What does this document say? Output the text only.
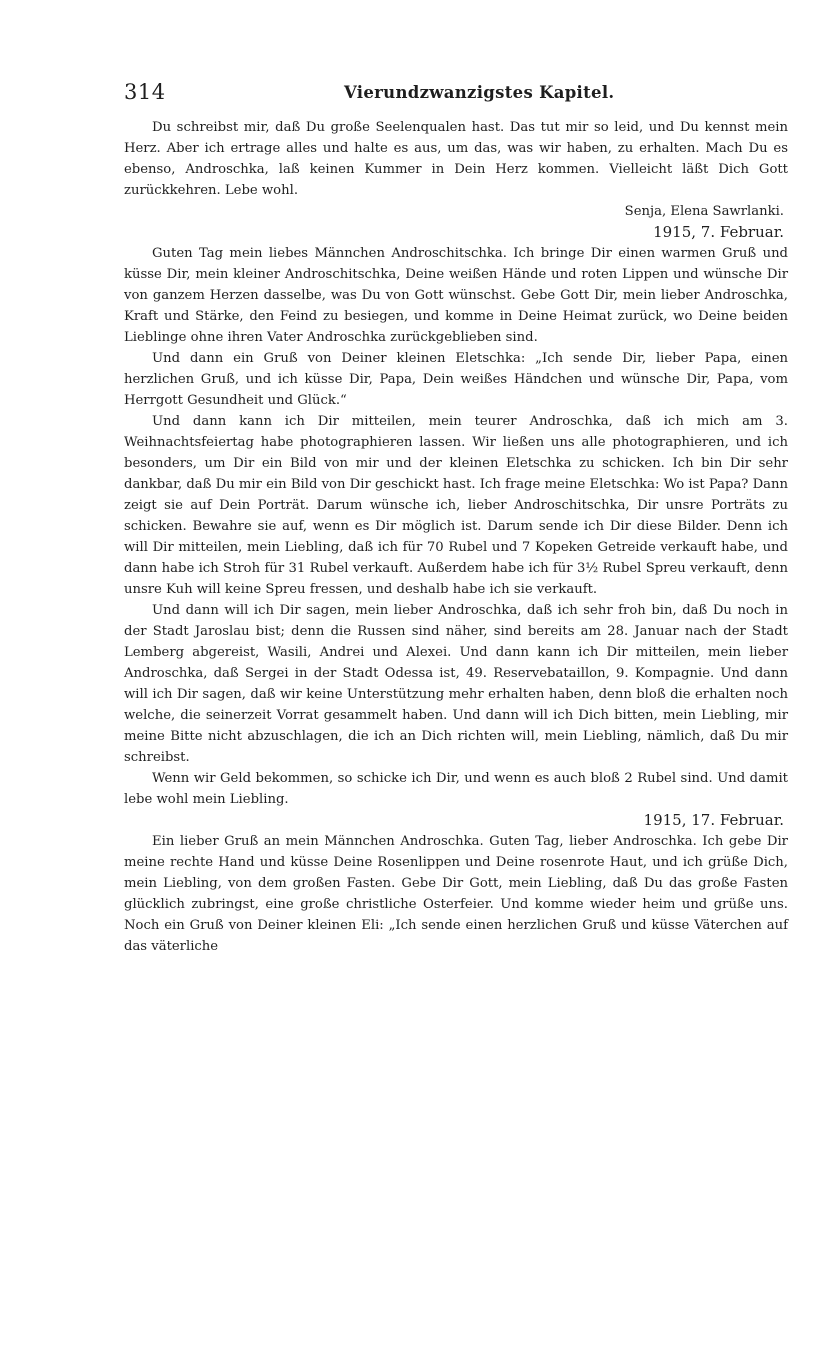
314	Vierundzwanzigstes Kapitel.

Du schreibst mir, daß Du große Seelenqualen hast. Das tut mir so leid, und Du kennst mein Herz. Aber ich ertrage alles und halte es aus, um das, was wir haben, zu erhalten. Mach Du es ebenso, Androschka, laß keinen Kummer in Dein Herz kommen. Vielleicht läßt Dich Gott zurückkehren. Lebe wohl.

Senja, Elena Sawrlanki.

1915, 7. Februar.

Guten Tag mein liebes Männchen Androschitschka. Ich bringe Dir einen warmen Gruß und küsse Dir, mein kleiner Androschitschka, Deine weißen Hände und roten Lippen und wünsche Dir von ganzem Herzen dasselbe, was Du von Gott wünschst. Gebe Gott Dir, mein lieber Androschka, Kraft und Stärke, den Feind zu besiegen, und komme in Deine Heimat zurück, wo Deine beiden Lieblinge ohne ihren Vater Androschka zurückgeblieben sind.

Und dann ein Gruß von Deiner kleinen Eletschka: „Ich sende Dir, lieber Papa, einen herzlichen Gruß, und ich küsse Dir, Papa, Dein weißes Händchen und wünsche Dir, Papa, vom Herrgott Gesundheit und Glück.“

Und dann kann ich Dir mitteilen, mein teurer Androschka, daß ich mich am 3. Weihnachtsfeiertag habe photographieren lassen. Wir ließen uns alle photographieren, und ich besonders, um Dir ein Bild von mir und der kleinen Eletschka zu schicken. Ich bin Dir sehr dankbar, daß Du mir ein Bild von Dir geschickt hast. Ich frage meine Eletschka: Wo ist Papa? Dann zeigt sie auf Dein Porträt. Darum wünsche ich, lieber Androschitschka, Dir unsre Porträts zu schicken. Bewahre sie auf, wenn es Dir möglich ist. Darum sende ich Dir diese Bilder. Denn ich will Dir mitteilen, mein Liebling, daß ich für 70 Rubel und 7 Kopeken Getreide verkauft habe, und dann habe ich Stroh für 31 Rubel verkauft. Außerdem habe ich für 3½ Rubel Spreu verkauft, denn unsre Kuh will keine Spreu fressen, und deshalb habe ich sie verkauft.

Und dann will ich Dir sagen, mein lieber Androschka, daß ich sehr froh bin, daß Du noch in der Stadt Jaroslau bist; denn die Russen sind näher, sind bereits am 28. Januar nach der Stadt Lemberg abgereist, Wasili, Andrei und Alexei. Und dann kann ich Dir mitteilen, mein lieber Androschka, daß Sergei in der Stadt Odessa ist, 49. Reservebataillon, 9. Kompagnie. Und dann will ich Dir sagen, daß wir keine Unterstützung mehr erhalten haben, denn bloß die erhalten noch welche, die seinerzeit Vorrat gesammelt haben. Und dann will ich Dich bitten, mein Liebling, mir meine Bitte nicht abzuschlagen, die ich an Dich richten will, mein Liebling, nämlich, daß Du mir schreibst.

Wenn wir Geld bekommen, so schicke ich Dir, und wenn es auch bloß 2 Rubel sind. Und damit lebe wohl mein Liebling.

1915, 17. Februar.

Ein lieber Gruß an mein Männchen Androschka. Guten Tag, lieber Androschka. Ich gebe Dir meine rechte Hand und küsse Deine Rosenlippen und Deine rosenrote Haut, und ich grüße Dich, mein Liebling, von dem großen Fasten. Gebe Dir Gott, mein Liebling, daß Du das große Fasten glücklich zubringst, eine große christliche Osterfeier. Und komme wieder heim und grüße uns. Noch ein Gruß von Deiner kleinen Eli: „Ich sende einen herzlichen Gruß und küsse Väterchen auf das väterliche
